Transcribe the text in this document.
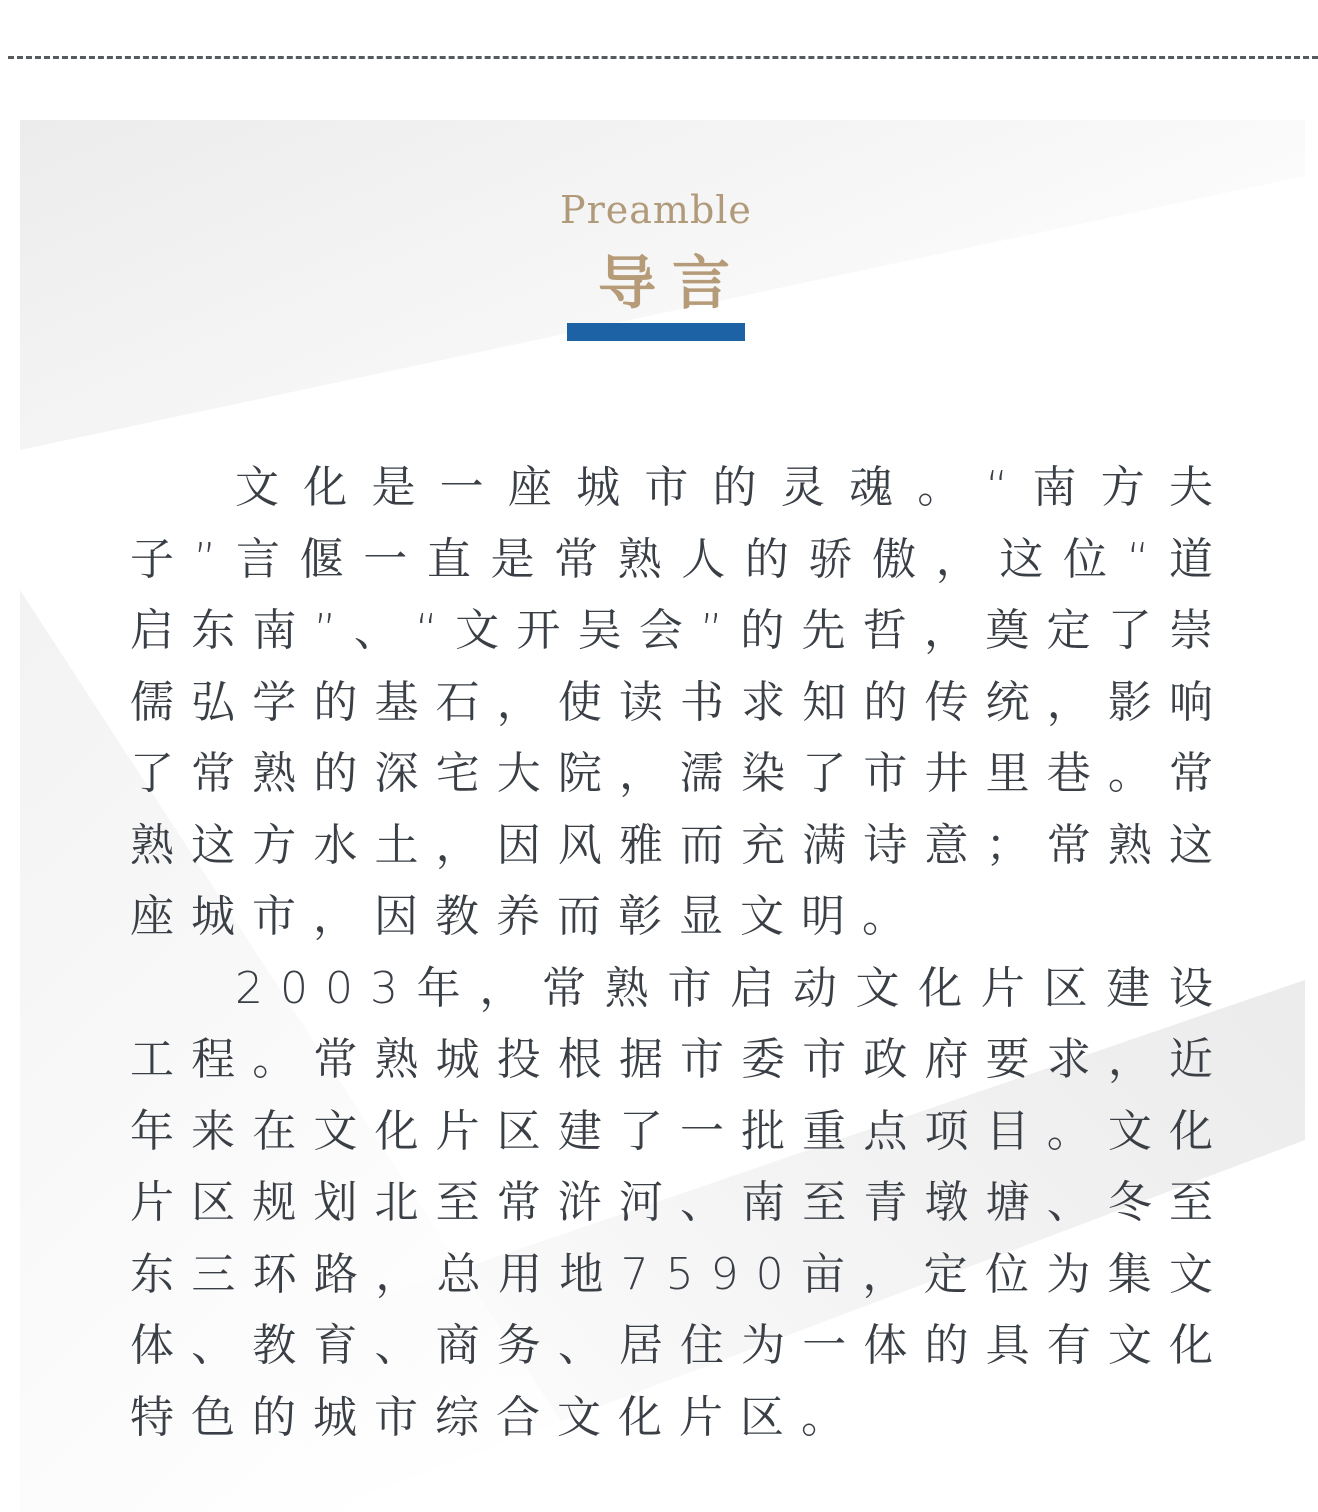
Preamble
导言

文化是一座城市的灵魂。“南方夫子”言偃一直是常熟人的骄傲，这位“道启东南”、“文开吴会”的先哲，奠定了崇儒弘学的基石，使读书求知的传统，影响了常熟的深宅大院，濡染了市井里巷。常熟这方水土，因风雅而充满诗意；常熟这座城市，因教养而彰显文明。

2003年，常熟市启动文化片区建设工程。常熟城投根据市委市政府要求，近年来在文化片区建了一批重点项目。文化片区规划北至常浒河、南至青墩塘、冬至东三环路，总用地7590亩，定位为集文体、教育、商务、居住为一体的具有文化特色的城市综合文化片区。
